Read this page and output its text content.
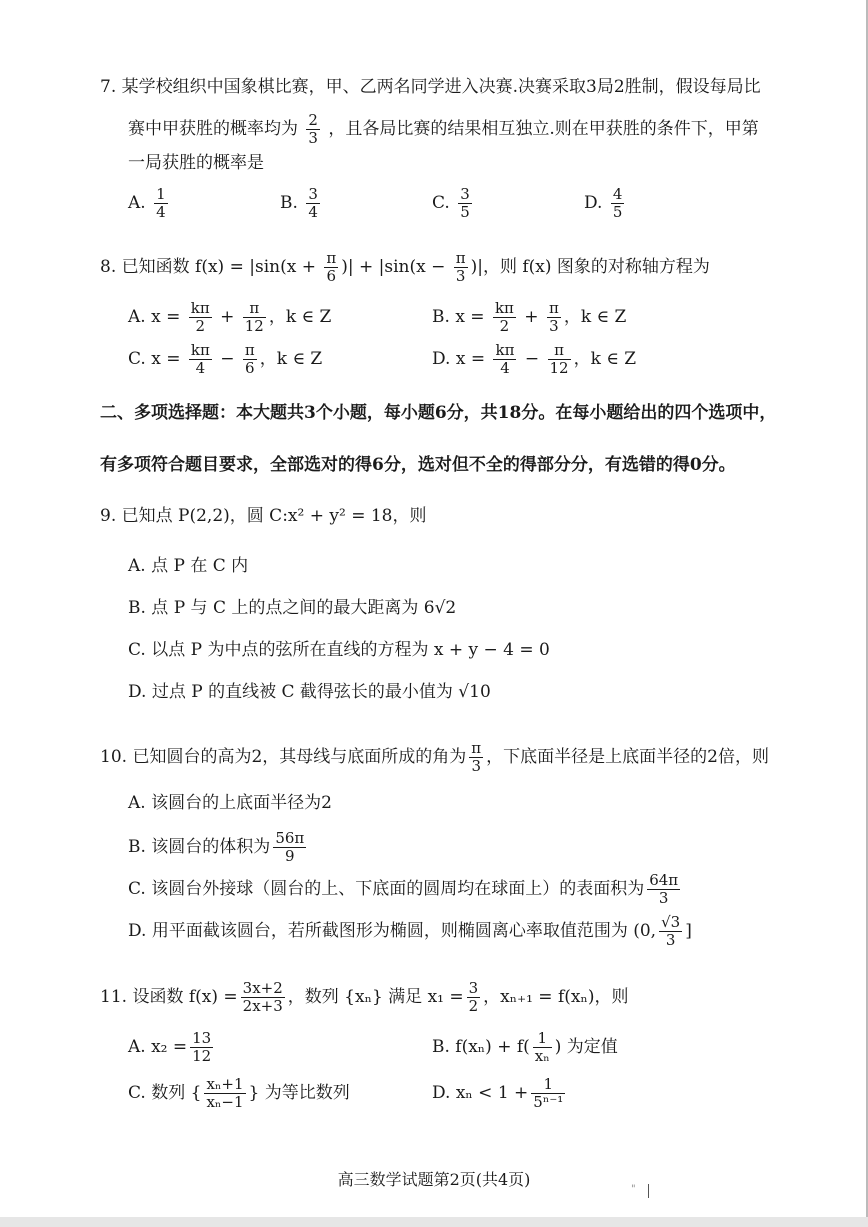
7. 某学校组织中国象棋比赛，甲、乙两名同学进入决赛.决赛采取3局2胜制，假设每局比
赛中甲获胜的概率均为 $\frac{2}{3}$ ，且各局比赛的结果相互独立.则在甲获胜的条件下，甲第
一局获胜的概率是
A. $\frac{1}{4}$	B. $\frac{3}{4}$	C. $\frac{3}{5}$	D. $\frac{4}{5}$
8. 已知函数 $f(x) = |\sin(x + \frac{\pi}{6}$ )| + $|\sin(x - \frac{\pi}{3}$ )|，则 f(x) 图象的对称轴方程为
A. $x = \frac{k\pi}{2} + \frac{\pi}{12}$ ，k ∈ Z	B. $x = \frac{k\pi}{2} + \frac{\pi}{3}$ ，k ∈ Z
C. $x = \frac{k\pi}{4} - \frac{\pi}{6}$ ，k ∈ Z	D. $x = \frac{k\pi}{4} - \frac{\pi}{12}$ ，k ∈ Z
二、多项选择题：本大题共3个小题，每小题6分，共18分。在每小题给出的四个选项中，
有多项符合题目要求，全部选对的得6分，选对但不全的得部分分，有选错的得0分。
9. 已知点 P(2,2)，圆 C:x² + y² = 18，则
A. 点 P 在 C 内
B. 点 P 与 C 上的点之间的最大距离为 6√2
C. 以点 P 为中点的弦所在直线的方程为 x + y − 4 = 0
D. 过点 P 的直线被 C 截得弦长的最小值为 √10
10. 已知圆台的高为2，其母线与底面所成的角为 $\frac{\pi}{3}$ ，下底面半径是上底面半径的2倍，则
A. 该圆台的上底面半径为2
B. 该圆台的体积为 $\frac{56\pi}{9}$
C. 该圆台外接球（圆台的上、下底面的圆周均在球面上）的表面积为 $\frac{64\pi}{3}$
D. 用平面截该圆台，若所截图形为椭圆，则椭圆离心率取值范围为 (0, $\frac{√3}{3}$ ]
11. 设函数 $f(x) = \frac{3x+2}{2x+3}$ ，数列 {xₙ} 满足 $x_1 = \frac{3}{2}$ ，xₙ₊₁ = f(xₙ)，则
A. $x_2 = \frac{13}{12}$	B. $f(x_n) + f( \frac{1}{\text{xₙ}}$ ) 为定值
C. 数列 { $\frac{\text{xₙ+1}}{\text{xₙ−1}}$ } 为等比数列	D. $x_n < 1 + \frac{1}{\text{5ⁿ⁻¹}}$
高三数学试题第2页(共4页)
"
